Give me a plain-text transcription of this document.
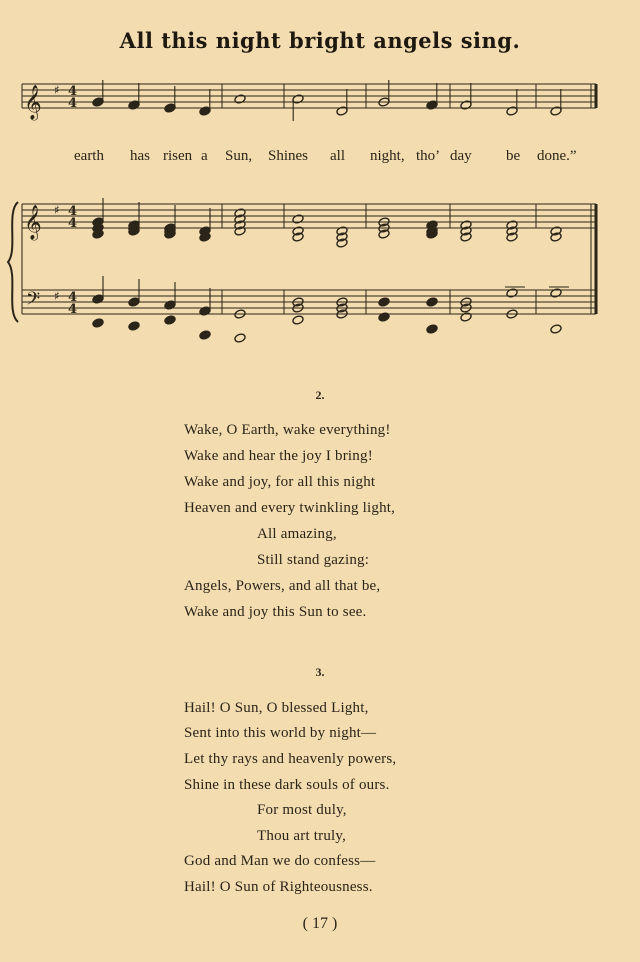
All this night bright angels sing.
𝄞
𝄞
𝄢
♯ 4
4
♯ 4
4
♯ 4
4
earth has risen a Sun, Shines all night, tho’ day be done.”
2.
Wake, O Earth, wake everything!
Wake and hear the joy I bring!
Wake and joy, for all this night
Heaven and every twinkling light,
All amazing,
Still stand gazing:
Angels, Powers, and all that be,
Wake and joy this Sun to see.
3.
Hail! O Sun, O blessed Light,
Sent into this world by night—
Let thy rays and heavenly powers,
Shine in these dark souls of ours.
For most duly,
Thou art truly,
God and Man we do confess—
Hail! O Sun of Righteousness.
( 17 )
